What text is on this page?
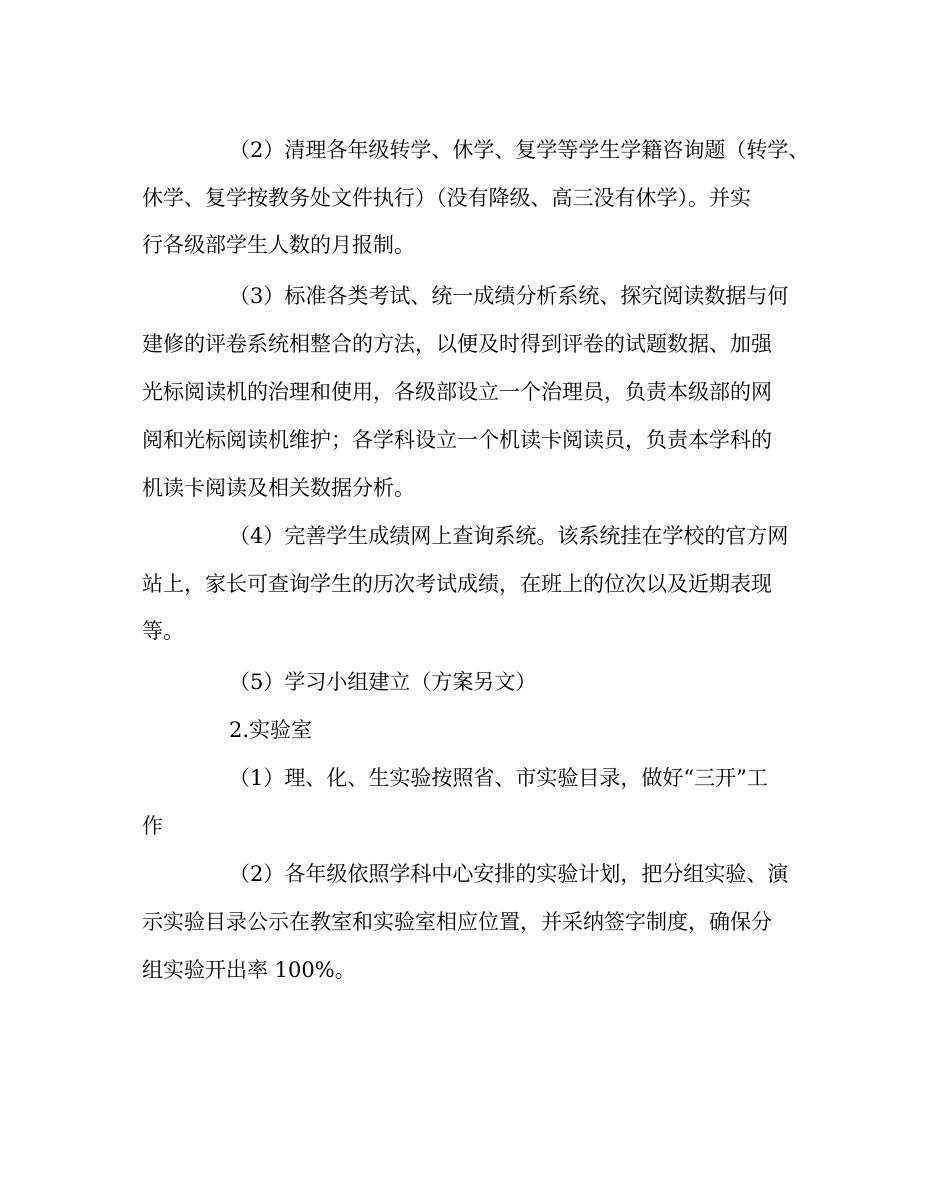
（2）清理各年级转学、休学、复学等学生学籍咨询题（转学、
休学、复学按教务处文件执行）（没有降级、高三没有休学）。并实
行各级部学生人数的月报制。
（3）标准各类考试、统一成绩分析系统、探究阅读数据与何
建修的评卷系统相整合的方法，以便及时得到评卷的试题数据、加强
光标阅读机的治理和使用，各级部设立一个治理员，负责本级部的网
阅和光标阅读机维护；各学科设立一个机读卡阅读员，负责本学科的
机读卡阅读及相关数据分析。
（4）完善学生成绩网上查询系统。该系统挂在学校的官方网
站上，家长可查询学生的历次考试成绩，在班上的位次以及近期表现
等。
（5）学习小组建立（方案另文）
2.实验室
（1）理、化、生实验按照省、市实验目录，做好“三开”工
作
（2）各年级依照学科中心安排的实验计划，把分组实验、演
示实验目录公示在教室和实验室相应位置，并采纳签字制度，确保分
组实验开出率 100%。
